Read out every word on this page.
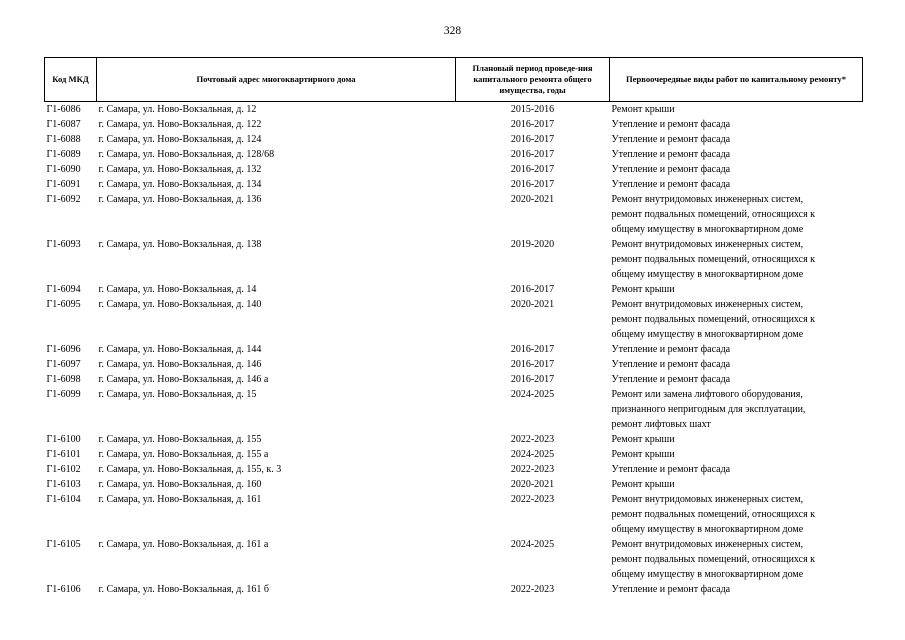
328
Код МКД	Почтовый адрес многоквартирного дома	Плановый период проведе-ния капитального ремонта общего имущества, годы	Первоочередные виды работ по капитальному ремонту*
Г1-6086	г. Самара, ул. Ново-Вокзальная, д. 12	2015-2016	Ремонт крыши

Г1-6087	г. Самара, ул. Ново-Вокзальная, д. 122	2016-2017	Утепление и ремонт фасада

Г1-6088	г. Самара, ул. Ново-Вокзальная, д. 124	2016-2017	Утепление и ремонт фасада

Г1-6089	г. Самара, ул. Ново-Вокзальная, д. 128/68	2016-2017	Утепление и ремонт фасада

Г1-6090	г. Самара, ул. Ново-Вокзальная, д. 132	2016-2017	Утепление и ремонт фасада

Г1-6091	г. Самара, ул. Ново-Вокзальная, д. 134	2016-2017	Утепление и ремонт фасада

Г1-6092	г. Самара, ул. Ново-Вокзальная, д. 136	2020-2021	Ремонт внутридомовых инженерных систем,
ремонт подвальных помещений, относящихся к
общему имуществу в многоквартирном доме

Г1-6093	г. Самара, ул. Ново-Вокзальная, д. 138	2019-2020	Ремонт внутридомовых инженерных систем,
ремонт подвальных помещений, относящихся к
общему имуществу в многоквартирном доме

Г1-6094	г. Самара, ул. Ново-Вокзальная, д. 14	2016-2017	Ремонт крыши

Г1-6095	г. Самара, ул. Ново-Вокзальная, д. 140	2020-2021	Ремонт внутридомовых инженерных систем,
ремонт подвальных помещений, относящихся к
общему имуществу в многоквартирном доме

Г1-6096	г. Самара, ул. Ново-Вокзальная, д. 144	2016-2017	Утепление и ремонт фасада

Г1-6097	г. Самара, ул. Ново-Вокзальная, д. 146	2016-2017	Утепление и ремонт фасада

Г1-6098	г. Самара, ул. Ново-Вокзальная, д. 146 а	2016-2017	Утепление и ремонт фасада

Г1-6099	г. Самара, ул. Ново-Вокзальная, д. 15	2024-2025	Ремонт или замена лифтового оборудования,
признанного непригодным для эксплуатации,
ремонт лифтовых шахт

Г1-6100	г. Самара, ул. Ново-Вокзальная, д. 155	2022-2023	Ремонт крыши

Г1-6101	г. Самара, ул. Ново-Вокзальная, д. 155 а	2024-2025	Ремонт крыши

Г1-6102	г. Самара, ул. Ново-Вокзальная, д. 155, к. 3	2022-2023	Утепление и ремонт фасада

Г1-6103	г. Самара, ул. Ново-Вокзальная, д. 160	2020-2021	Ремонт крыши

Г1-6104	г. Самара, ул. Ново-Вокзальная, д. 161	2022-2023	Ремонт внутридомовых инженерных систем,
ремонт подвальных помещений, относящихся к
общему имуществу в многоквартирном доме

Г1-6105	г. Самара, ул. Ново-Вокзальная, д. 161 а	2024-2025	Ремонт внутридомовых инженерных систем,
ремонт подвальных помещений, относящихся к
общему имуществу в многоквартирном доме

Г1-6106	г. Самара, ул. Ново-Вокзальная, д. 161 б	2022-2023	Утепление и ремонт фасада
